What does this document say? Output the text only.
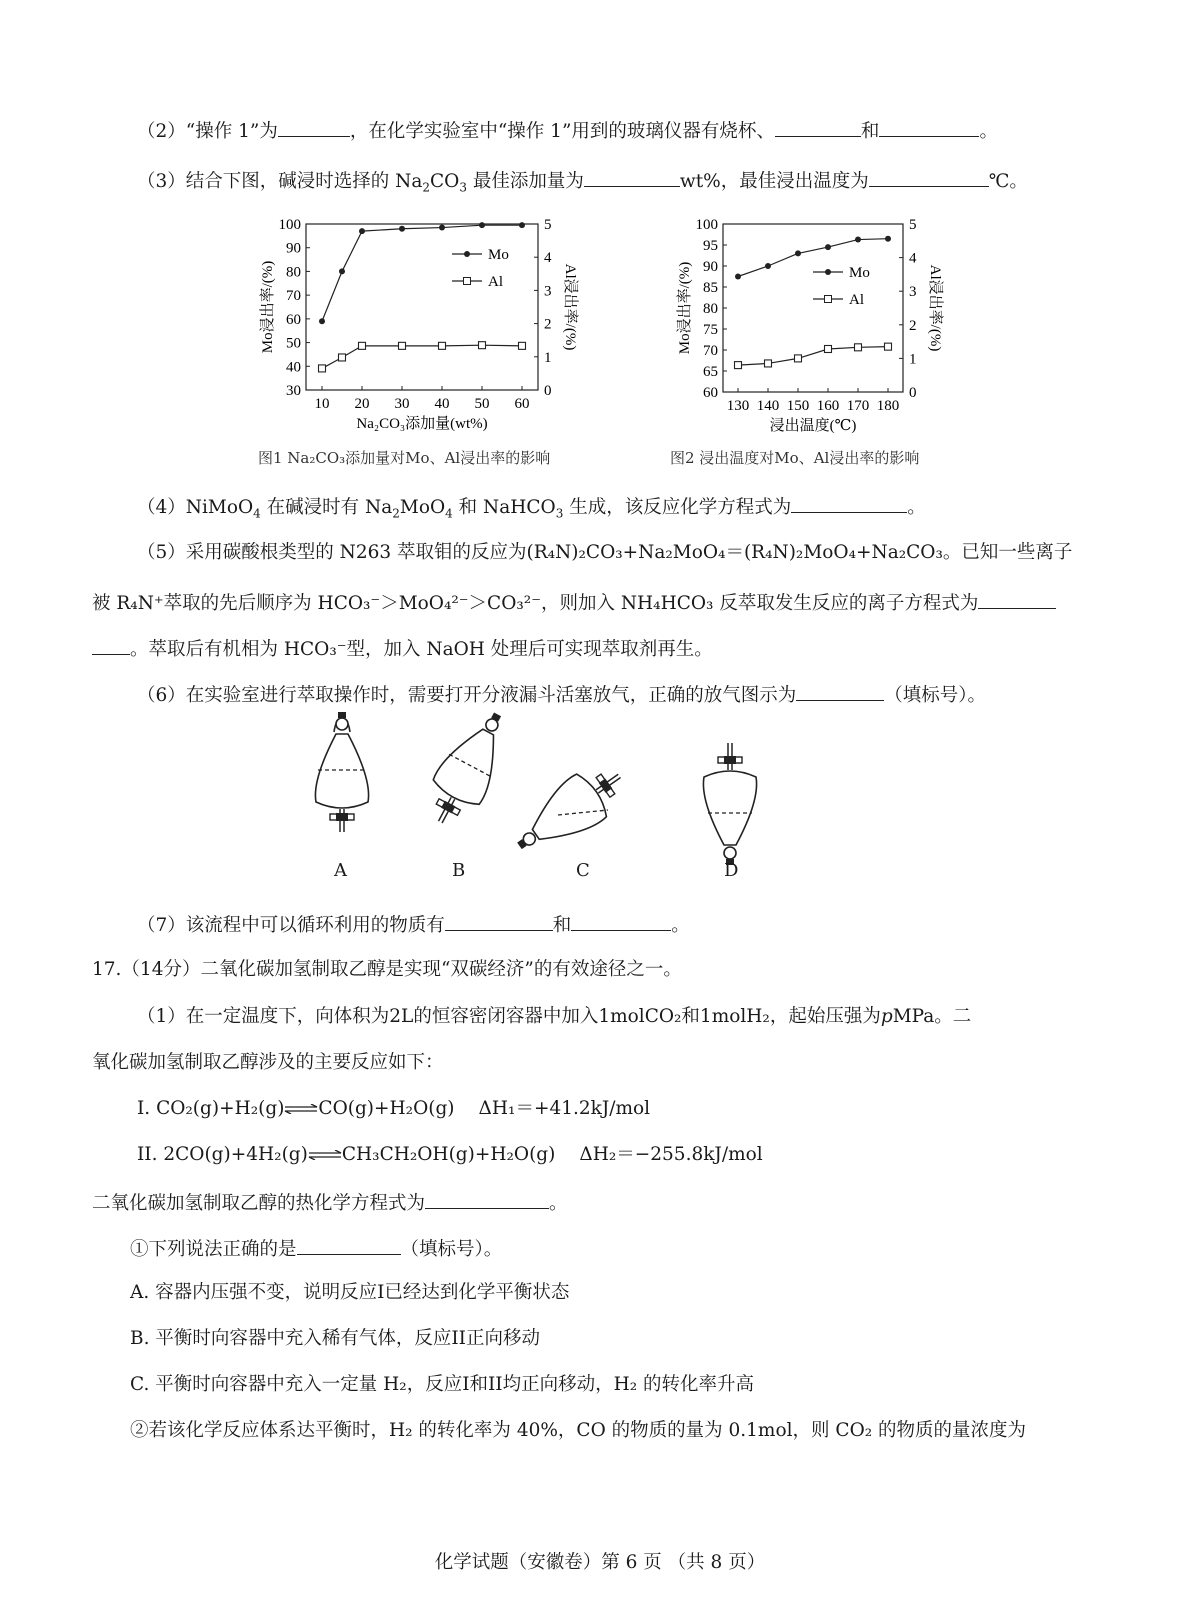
（2）“操作 1”为	，在化学实验室中“操作 1”用到的玻璃仪器有烧杯、	和	。
（3）结合下图，碱浸时选择的 $Na_2CO_3$ 最佳添加量为	wt%，最佳浸出温度为	℃。
30
40
50
60
70
80
90
100
0
1
2
3
4
5
10 20 30 40 50 60
Na₂CO₃添加量(wt%)
Mo浸出率/(%)	Al浸出率/(%)
Mo
Al
60
65
70
75
80
85
90
95
100
0
1
2
3
4
5
130 140 150 160 170 180
浸出温度(℃)
Mo浸出率/(%)	Al浸出率/(%)
Mo
Al
图1 Na₂CO₃添加量对Mo、Al浸出率的影响	图2 浸出温度对Mo、Al浸出率的影响
（4）NiMoO$_4$ 在碱浸时有 $Na_2MoO_4$ 和 NaHCO$_3$ 生成，该反应化学方程式为	。
（5）采用碳酸根类型的 N263 萃取钼的反应为(R₄N)₂CO₃+Na₂MoO₄＝(R₄N)₂MoO₄+Na₂CO₃。已知一些离子
被 R₄N⁺萃取的先后顺序为 HCO₃⁻＞MoO₄²⁻＞CO₃²⁻，则加入 NH₄HCO₃ 反萃取发生反应的离子方程式为
。萃取后有机相为 HCO₃⁻型，加入 NaOH 处理后可实现萃取剂再生。
（6）在实验室进行萃取操作时，需要打开分液漏斗活塞放气，正确的放气图示为	（填标号）。
A	B	C	D
（7）该流程中可以循环利用的物质有	和	。
17.（14分）二氧化碳加氢制取乙醇是实现“双碳经济”的有效途径之一。
（1）在一定温度下，向体积为2L的恒容密闭容器中加入1molCO₂和1molH₂，起始压强为pMPa。二
氧化碳加氢制取乙醇涉及的主要反应如下：
I. CO₂(g)+H₂(g)⇌CO(g)+H₂O(g) ΔH₁＝+41.2kJ/mol
II. 2CO(g)+4H₂(g)⇌CH₃CH₂OH(g)+H₂O(g) ΔH₂＝−255.8kJ/mol
二氧化碳加氢制取乙醇的热化学方程式为	。
①下列说法正确的是	（填标号）。
A. 容器内压强不变，说明反应I已经达到化学平衡状态
B. 平衡时向容器中充入稀有气体，反应II正向移动
C. 平衡时向容器中充入一定量 H₂，反应I和II均正向移动，H₂ 的转化率升高
②若该化学反应体系达平衡时，H₂ 的转化率为 40%，CO 的物质的量为 0.1mol，则 CO₂ 的物质的量浓度为
化学试题（安徽卷）第 6 页 （共 8 页）
